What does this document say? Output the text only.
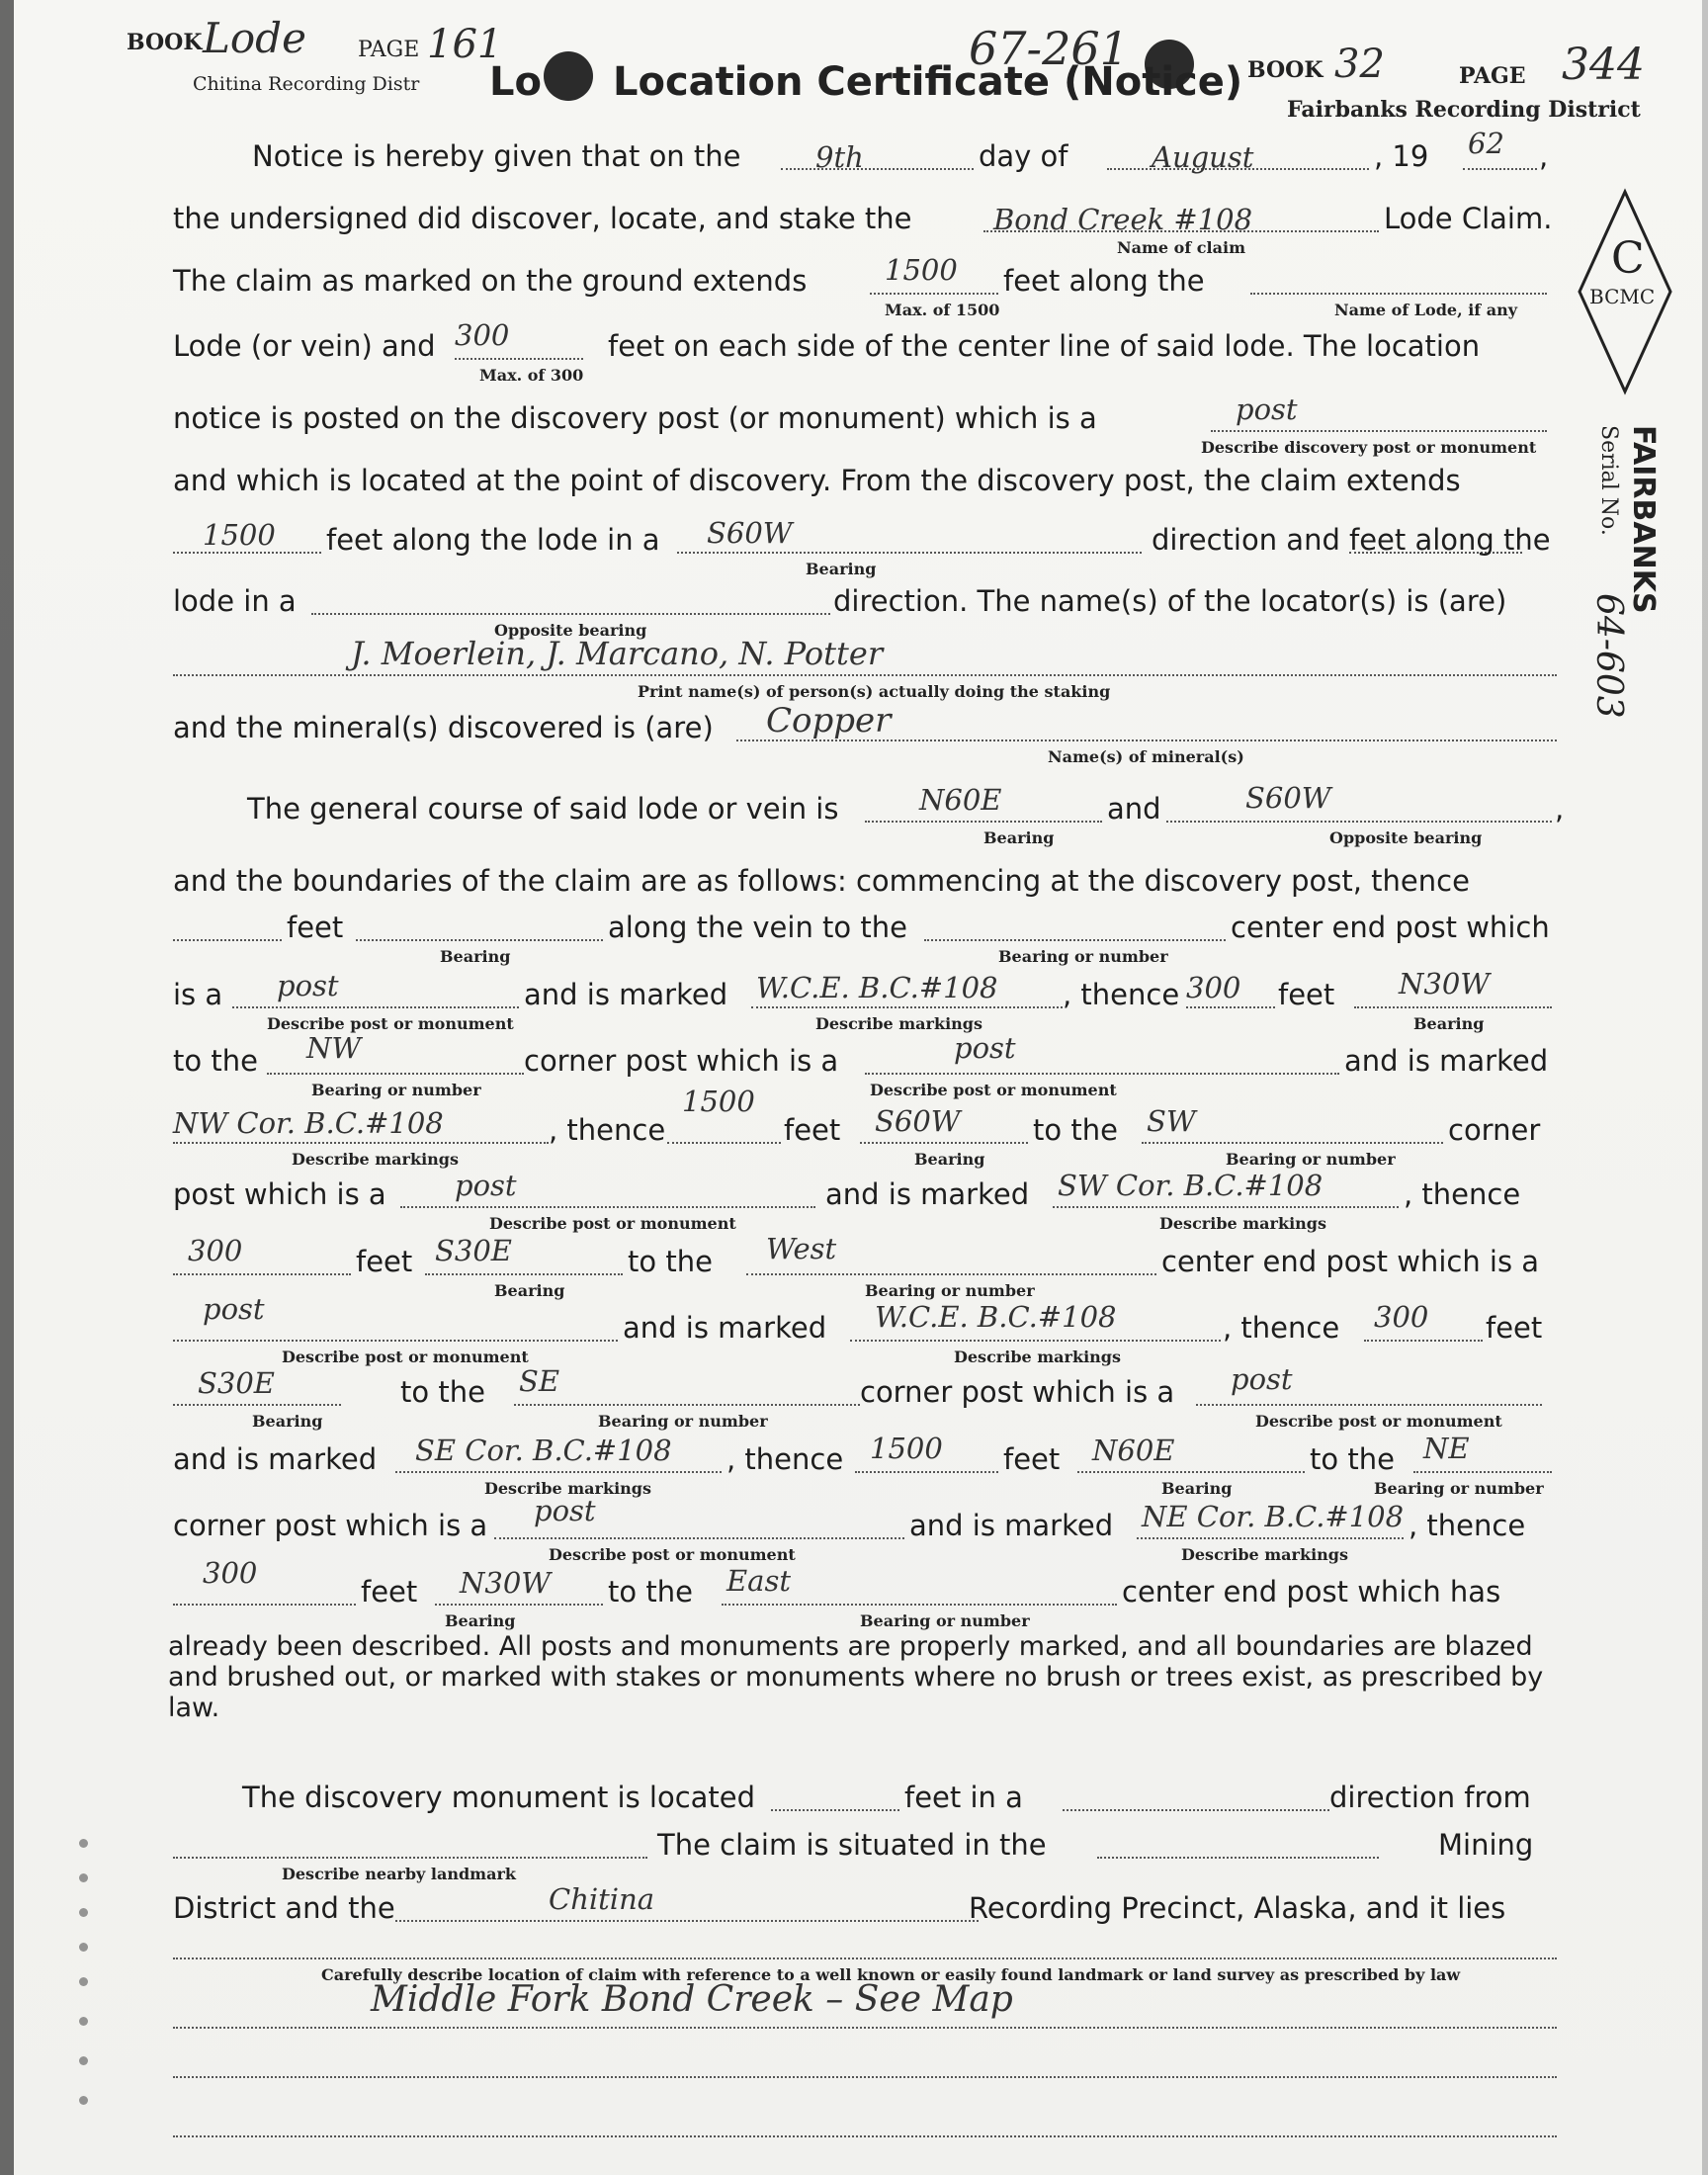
BOOK Lode PAGE 161
Chitina Recording Distr
67-261
Lo Location Certificate (Notice) BOOK 32	PAGE 344
Fairbanks Recording District
C
BCMC
FAIRBANKS
Serial No.
64-603
Notice is hereby given that on the	9th	day of	August	, 19 62 ,
the undersigned did discover, locate, and stake the	Bond Creek #108
Name of claim
Lode Claim.
The claim as marked on the ground extends	1500
Max. of 1500
feet along the
Name of Lode, if any
Lode (or vein) and 300
Max. of 300
feet on each side of the center line of said lode. The location
notice is posted on the discovery post (or monument) which is a	post
Describe discovery post or monument
and which is located at the point of discovery. From the discovery post, the claim extends
1500 feet along the lode in a S60W
Bearing
direction and feet along the
lode in a
Opposite bearing
direction. The name(s) of the locator(s) is (are)
J. Moerlein, J. Marcano, N. Potter
Print name(s) of person(s) actually doing the staking
and the mineral(s) discovered is (are) Copper
Name(s) of mineral(s)
The general course of said lode or vein is	N60E
Bearing
and	S60W
Opposite bearing
,
and the boundaries of the claim are as follows: commencing at the discovery post, thence
feet
Bearing
along the vein to the
Bearing or number
center end post which
is a post
Describe post or monument
and is marked W.C.E. B.C.#108
Describe markings
, thence 300 feet N30W
Bearing
to the NW
Bearing or number
corner post which is a	post
Describe post or monument
and is marked
NW Cor. B.C.#108
Describe markings
, thence
1500
feet S60W
Bearing
to the SW
Bearing or number
corner
post which is a post
Describe post or monument
and is marked SW Cor. B.C.#108
Describe markings
, thence
300	feet S30E
Bearing
to the West
Bearing or number
center end post which is a
post
Describe post or monument
and is marked W.C.E. B.C.#108
Describe markings
, thence 300 feet
S30E
Bearing
to the SE
Bearing or number
corner post which is a post
Describe post or monument
and is marked SE Cor. B.C.#108
Describe markings
, thence 1500 feet N60E
Bearing
to the NE
Bearing or number
corner post which is a post
Describe post or monument
and is marked NE Cor. B.C.#108
Describe markings
, thence
300
feet N30W
Bearing
to the East
Bearing or number
center end post which has
already been described. All posts and monuments are properly marked, and all boundaries are blazed and brushed out, or marked with stakes or monuments where no brush or trees exist, as prescribed by law.
The discovery monument is located	feet in a	direction from
Describe nearby landmark
The claim is situated in the	Mining
District and the	Chitina	Recording Precinct, Alaska, and it lies
Carefully describe location of claim with reference to a well known or easily found landmark or land survey as prescribed by law
Middle Fork Bond Creek – See Map
